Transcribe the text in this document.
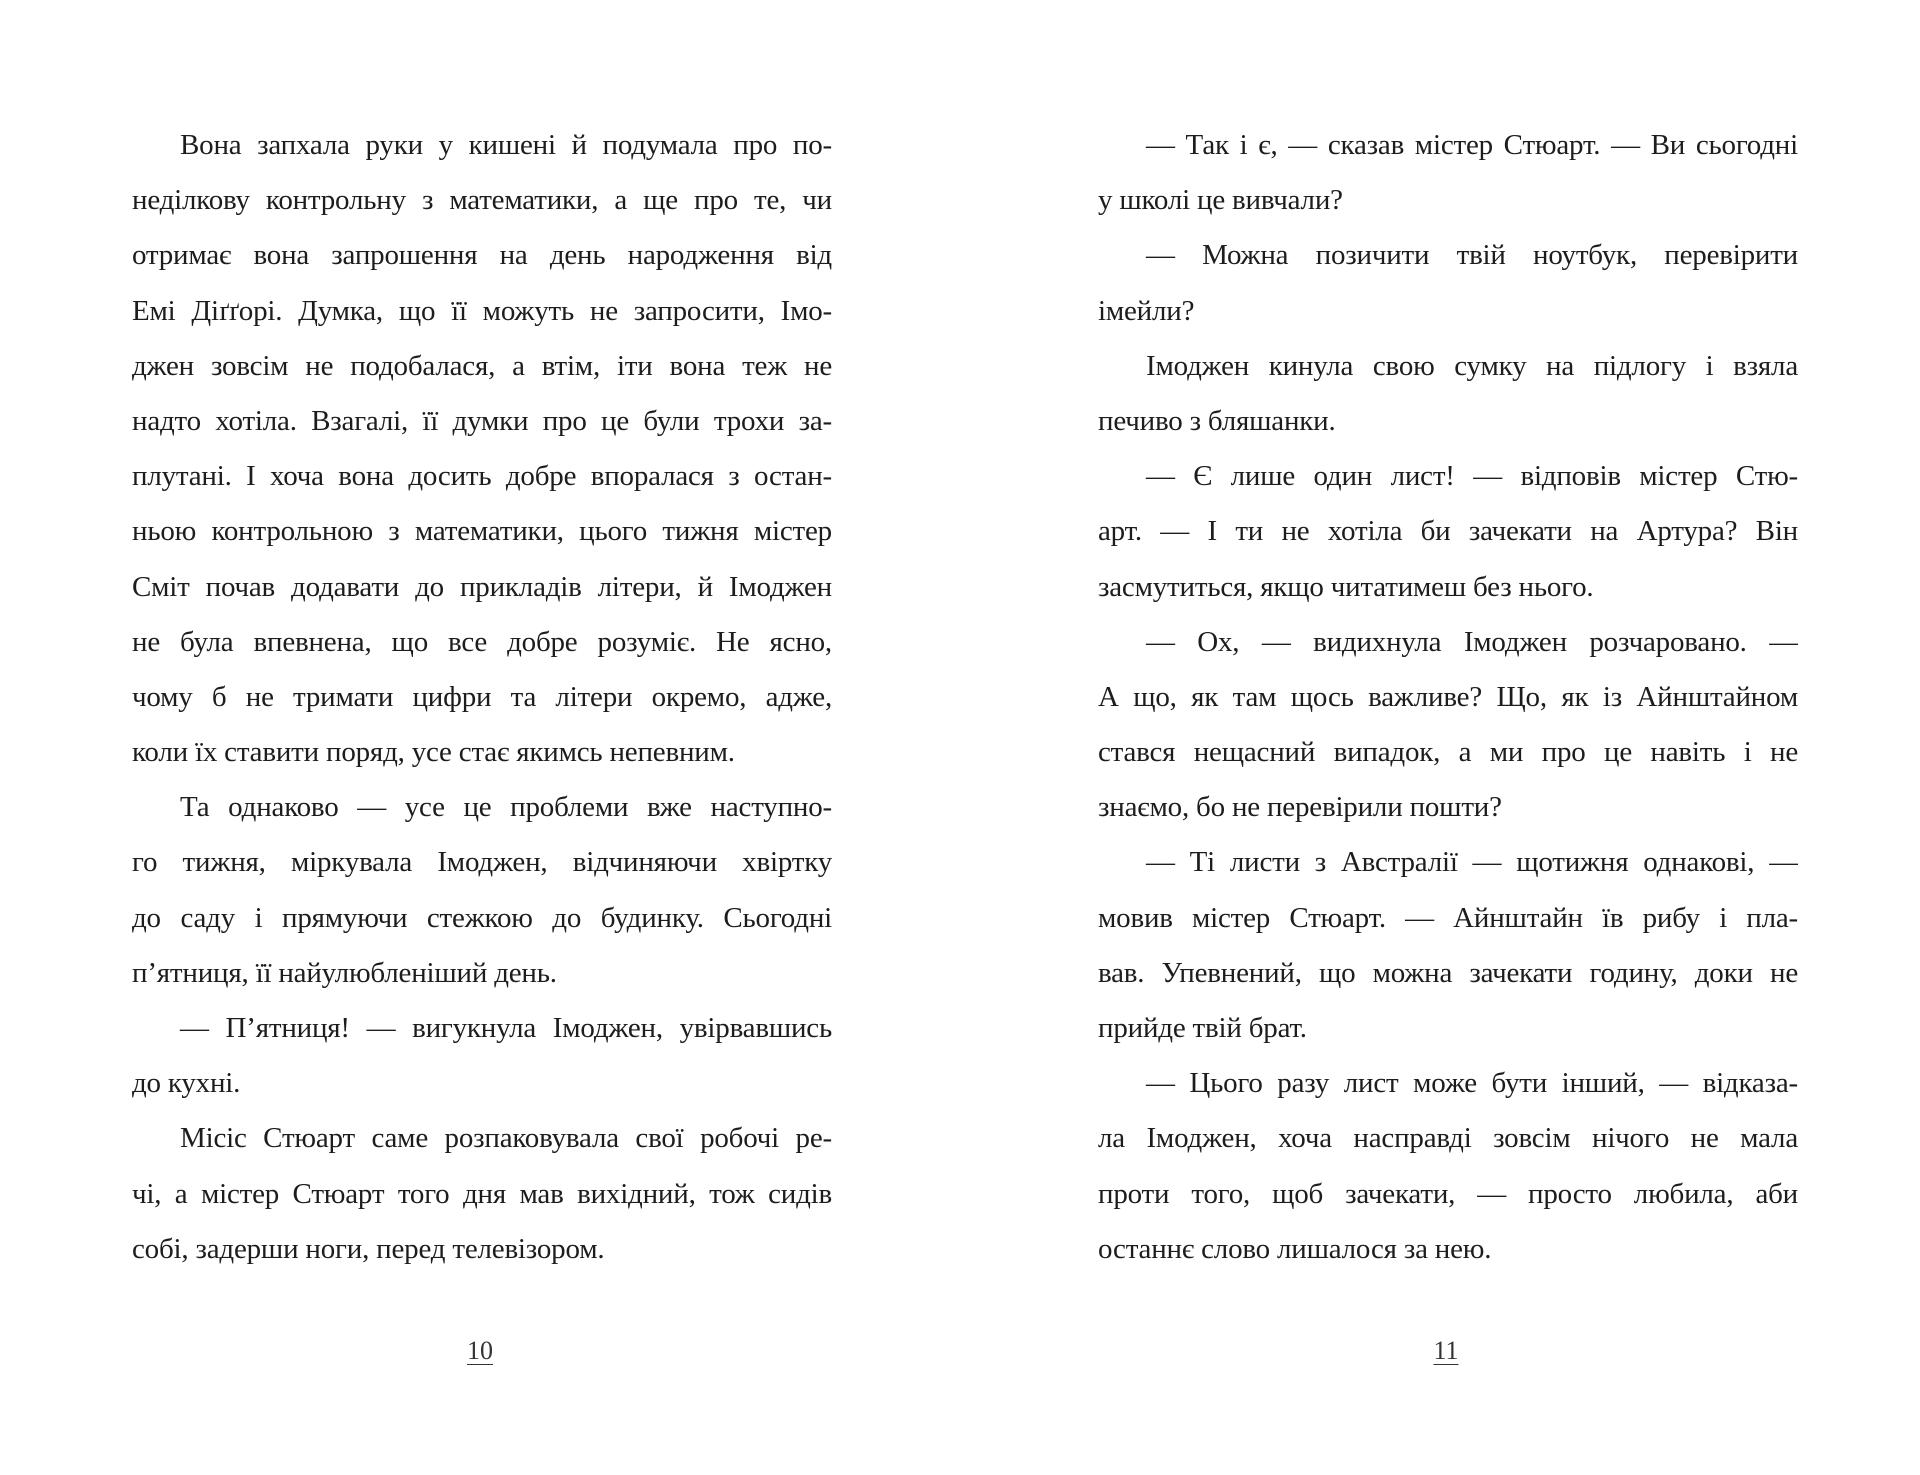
Вона запхала руки у кишені й подумала про по-
неділкову контрольну з математики, а ще про те, чи
отримає вона запрошення на день народження від
Емі Діґґорі. Думка, що її можуть не запросити, Імо-
джен зовсім не подобалася, а втім, іти вона теж не
надто хотіла. Взагалі, її думки про це були трохи за-
плутані. І хоча вона досить добре впоралася з остан-
ньою контрольною з математики, цього тижня містер
Сміт почав додавати до прикладів літери, й Імоджен
не була впевнена, що все добре розуміє. Не ясно,
чому б не тримати цифри та літери окремо, адже,
коли їх ставити поряд, усе стає якимсь непевним.
Та однаково — усе це проблеми вже наступно-
го тижня, міркувала Імоджен, відчиняючи хвіртку
до саду і прямуючи стежкою до будинку. Сьогодні
п’ятниця, її найулюбленіший день.
— П’ятниця! — вигукнула Імоджен, увірвавшись
до кухні.
Місіс Стюарт саме розпаковувала свої робочі ре-
чі, а містер Стюарт того дня мав вихідний, тож сидів
собі, задерши ноги, перед телевізором.
10
— Так і є, — сказав містер Стюарт. — Ви сьогодні
у школі це вивчали?
— Можна позичити твій ноутбук, перевірити
імейли?
Імоджен кинула свою сумку на підлогу і взяла
печиво з бляшанки.
— Є лише один лист! — відповів містер Стю-
арт. — І ти не хотіла би зачекати на Артура? Він
засмутиться, якщо читатимеш без нього.
— Ох, — видихнула Імоджен розчаровано. —
А що, як там щось важливе? Що, як із Айнштайном
стався нещасний випадок, а ми про це навіть і не
знаємо, бо не перевірили пошти?
— Ті листи з Австралії — щотижня однакові, —
мовив містер Стюарт. — Айнштайн їв рибу і пла-
вав. Упевнений, що можна зачекати годину, доки не
прийде твій брат.
— Цього разу лист може бути інший, — відказа-
ла Імоджен, хоча насправді зовсім нічого не мала
проти того, щоб зачекати, — просто любила, аби
останнє слово лишалося за нею.
11
